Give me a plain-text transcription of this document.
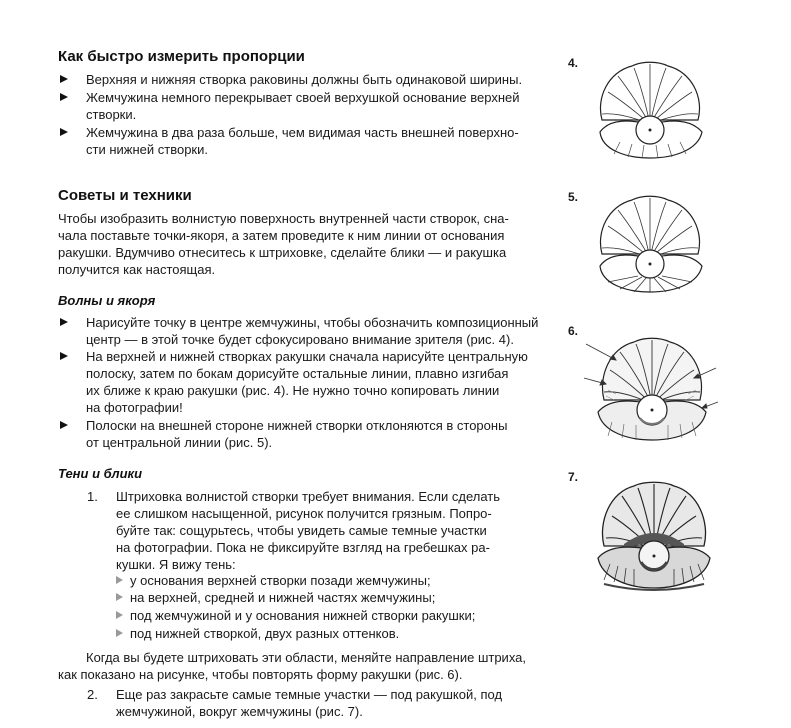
Как быстро измерить пропорции
Верхняя и нижняя створка раковины должны быть одинаковой ширины.
Жемчужина немного перекрывает своей верхушкой основание верхней
створки.
Жемчужина в два раза больше, чем видимая часть внешней поверхно-
сти нижней створки.
Советы и техники
Чтобы изобразить волнистую поверхность внутренней части створок, сна-
чала поставьте точки-якоря, а затем проведите к ним линии от основания
ракушки. Вдумчиво отнеситесь к штриховке, сделайте блики — и ракушка
получится как настоящая.
Волны и якоря
Нарисуйте точку в центре жемчужины, чтобы обозначить композиционный
центр — в этой точке будет сфокусировано внимание зрителя (рис. 4).
На верхней и нижней створках ракушки сначала нарисуйте центральную
полоску, затем по бокам дорисуйте остальные линии, плавно изгибая
их ближе к краю ракушки (рис. 4). Не нужно точно копировать линии
на фотографии!
Полоски на внешней стороне нижней створки отклоняются в стороны
от центральной линии (рис. 5).
Тени и блики
1. Штриховка волнистой створки требует внимания. Если сделать
ее слишком насыщенной, рисунок получится грязным. Попро-
буйте так: сощурьтесь, чтобы увидеть самые темные участки
на фотографии. Пока не фиксируйте взгляд на гребешках ра-
кушки. Я вижу тень:
у основания верхней створки позади жемчужины;
на верхней, средней и нижней частях жемчужины;
под жемчужиной и у основания нижней створки ракушки;
под нижней створкой, двух разных оттенков.
Когда вы будете штриховать эти области, меняйте направление штриха,
как показано на рисунке, чтобы повторять форму ракушки (рис. 6).
2. Еще раз закрасьте самые темные участки — под ракушкой, под
жемчужиной, вокруг жемчужины (рис. 7).
4.
5.
6.
7.
